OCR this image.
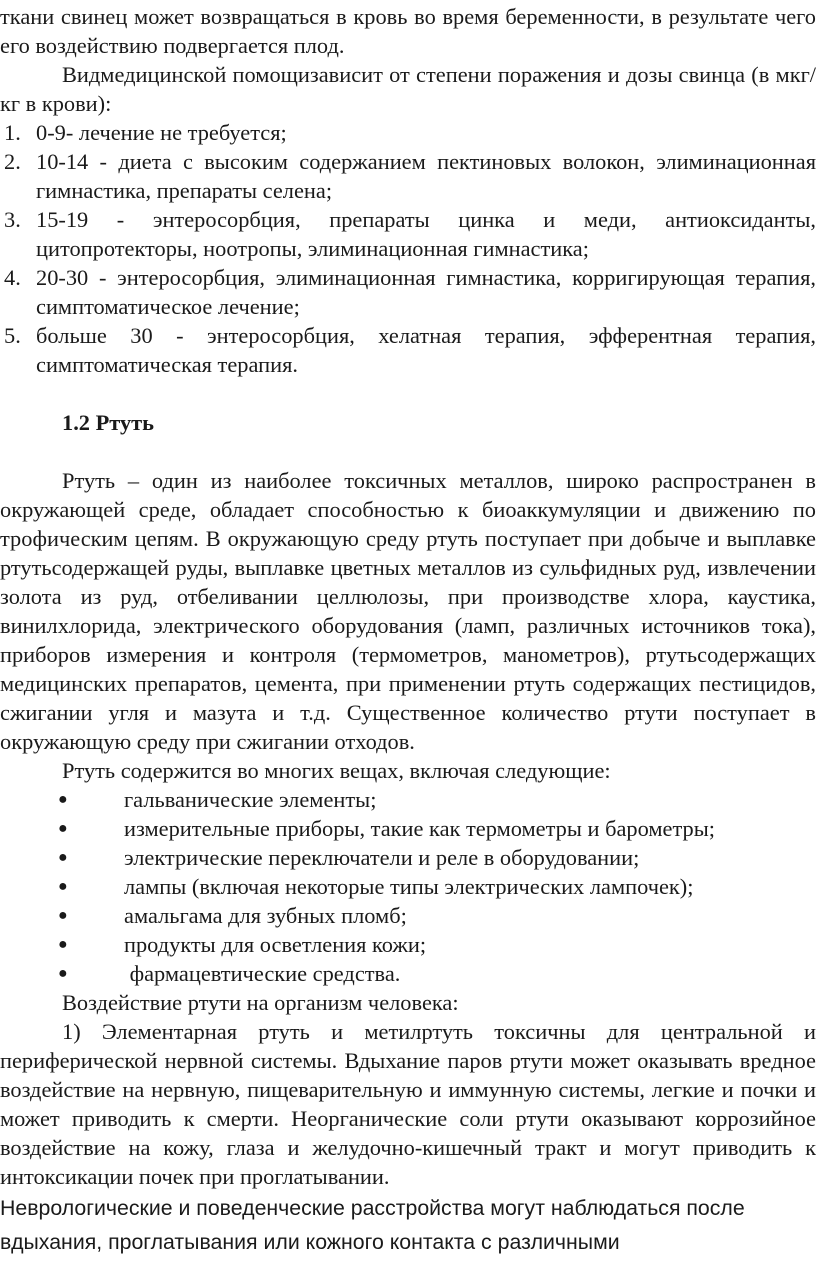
ткани свинец может возвращаться в кровь во время беременности, в результате чего его воздействию подвергается плод.

Видмедицинской помощизависит от степени поражения и дозы свинца (в мкг/кг в крови):

1. 0-9- лечение не требуется;
2. 10-14 - диета с высоким содержанием пектиновых волокон, элиминационная гимнастика, препараты селена;
3. 15-19 - энтеросорбция, препараты цинка и меди, антиоксиданты, цитопротекторы, ноотропы, элиминационная гимнастика;
4. 20-30 - энтеросорбция, элиминационная гимнастика, корригирующая терапия, симптоматическое лечение;
5. больше 30 - энтеросорбция, хелатная терапия, эфферентная терапия, симптоматическая терапия.
1.2 Ртуть

Ртуть – один из наиболее токсичных металлов, широко распространен в окружающей среде, обладает способностью к биоаккумуляции и движению по трофическим цепям. В окружающую среду ртуть поступает при добыче и выплавке ртутьсодержащей руды, выплавке цветных металлов из сульфидных руд, извлечении золота из руд, отбеливании целлюлозы, при производстве хлора, каустика, винилхлорида, электрического оборудования (ламп, различных источников тока), приборов измерения и контроля (термометров, манометров), ртутьсодержащих медицинских препаратов, цемента, при применении ртуть содержащих пестицидов, сжигании угля и мазута и т.д. Существенное количество ртути поступает в окружающую среду при сжигании отходов.

Ртуть содержится во многих вещах, включая следующие:

●	гальванические элементы;
●	измерительные приборы, такие как термометры и барометры;
●	электрические переключатели и реле в оборудовании;
●	лампы (включая некоторые типы электрических лампочек);
●	амальгама для зубных пломб;
●	продукты для осветления кожи;
●	фармацевтические средства.

Воздействие ртути на организм человека:

1) Элементарная ртуть и метилртуть токсичны для центральной и периферической нервной системы. Вдыхание паров ртути может оказывать вредное воздействие на нервную, пищеварительную и иммунную системы, легкие и почки и может приводить к смерти. Неорганические соли ртути оказывают коррозийное воздействие на кожу, глаза и желудочно-кишечный тракт и могут приводить к интоксикации почек при проглатывании.

Неврологические и поведенческие расстройства могут наблюдаться после вдыхания, проглатывания или кожного контакта с различными
